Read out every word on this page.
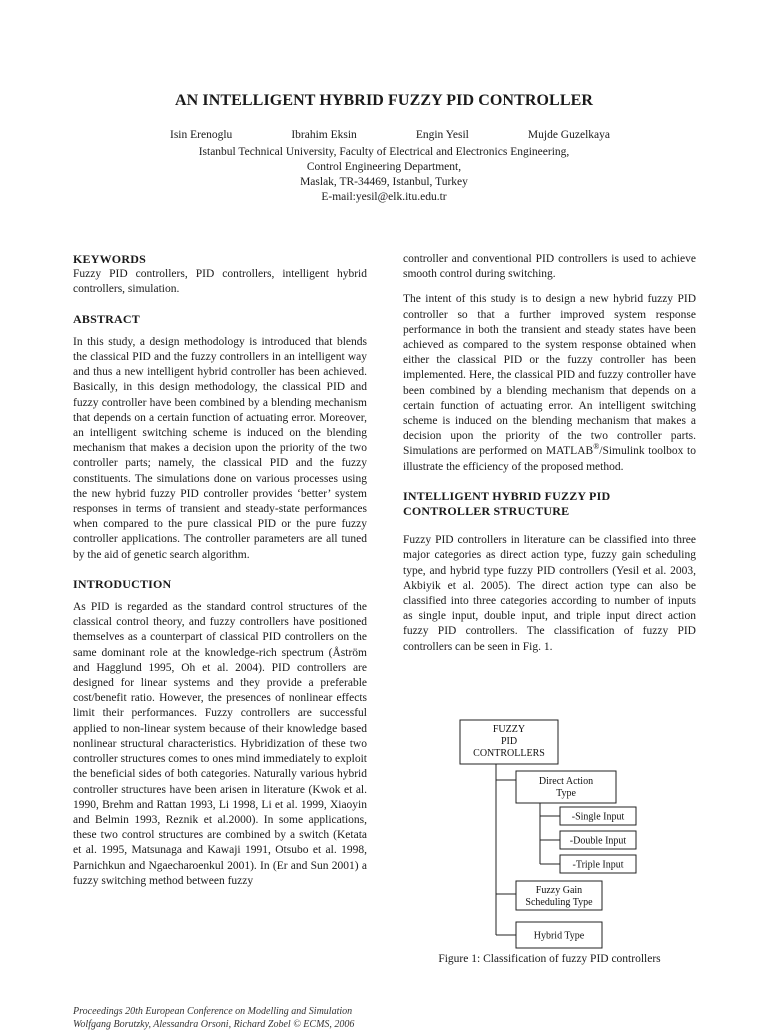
AN INTELLIGENT HYBRID FUZZY PID CONTROLLER
Isin Erenoglu	Ibrahim Eksin	Engin Yesil	Mujde Guzelkaya
Istanbul Technical University, Faculty of Electrical and Electronics Engineering,
Control Engineering Department,
Maslak, TR-34469, Istanbul, Turkey
E-mail:yesil@elk.itu.edu.tr

KEYWORDS

Fuzzy PID controllers, PID controllers, intelligent hybrid controllers, simulation.

ABSTRACT

In this study, a design methodology is introduced that blends the classical PID and the fuzzy controllers in an intelligent way and thus a new intelligent hybrid controller has been achieved. Basically, in this design methodology, the classical PID and fuzzy controller have been combined by a blending mechanism that depends on a certain function of actuating error. Moreover, an intelligent switching scheme is induced on the blending mechanism that makes a decision upon the priority of the two controller parts; namely, the classical PID and the fuzzy constituents. The simulations done on various processes using the new hybrid fuzzy PID controller provides ‘better’ system responses in terms of transient and steady-state performances when compared to the pure classical PID or the pure fuzzy controller applications. The controller parameters are all tuned by the aid of genetic search algorithm.

INTRODUCTION

As PID is regarded as the standard control structures of the classical control theory, and fuzzy controllers have positioned themselves as a counterpart of classical PID controllers on the same dominant role at the knowledge-rich spectrum (Åström and Hagglund 1995, Oh et al. 2004). PID controllers are designed for linear systems and they provide a preferable cost/benefit ratio. However, the presences of nonlinear effects limit their performances. Fuzzy controllers are successful applied to non-linear system because of their knowledge based nonlinear structural characteristics. Hybridization of these two controller structures comes to ones mind immediately to exploit the beneficial sides of both categories. Naturally various hybrid controller structures have been arisen in literature (Kwok et al. 1990, Brehm and Rattan 1993, Li 1998, Li et al. 1999, Xiaoyin and Belmin 1993, Reznik et al.2000). In some applications, these two control structures are combined by a switch (Ketata et al. 1995, Matsunaga and Kawaji 1991, Otsubo et al. 1998, Parnichkun and Ngaecharoenkul 2001). In (Er and Sun 2001) a fuzzy switching method between fuzzy

controller and conventional PID controllers is used to achieve smooth control during switching.

The intent of this study is to design a new hybrid fuzzy PID controller so that a further improved system response performance in both the transient and steady states have been achieved as compared to the system response obtained when either the classical PID or the fuzzy controller has been implemented. Here, the classical PID and fuzzy controller have been combined by a blending mechanism that depends on a certain function of actuating error. An intelligent switching scheme is induced on the blending mechanism that makes a decision upon the priority of the two controller parts. Simulations are performed on MATLAB®/Simulink toolbox to illustrate the efficiency of the proposed method.

INTELLIGENT HYBRID FUZZY PID CONTROLLER STRUCTURE

Fuzzy PID controllers in literature can be classified into three major categories as direct action type, fuzzy gain scheduling type, and hybrid type fuzzy PID controllers (Yesil et al. 2003, Akbiyik et al. 2005). The direct action type can also be classified into three categories according to number of inputs as single input, double input, and triple input direct action fuzzy PID controllers. The classification of fuzzy PID controllers can be seen in Fig. 1.

FUZZY
PID
CONTROLLERS
Direct Action
Type
-Single Input
-Double Input
-Triple Input
Fuzzy Gain
Scheduling Type
Hybrid Type
Figure 1: Classification of fuzzy PID controllers
Proceedings 20th European Conference on Modelling and Simulation
Wolfgang Borutzky, Alessandra Orsoni, Richard Zobel © ECMS, 2006
